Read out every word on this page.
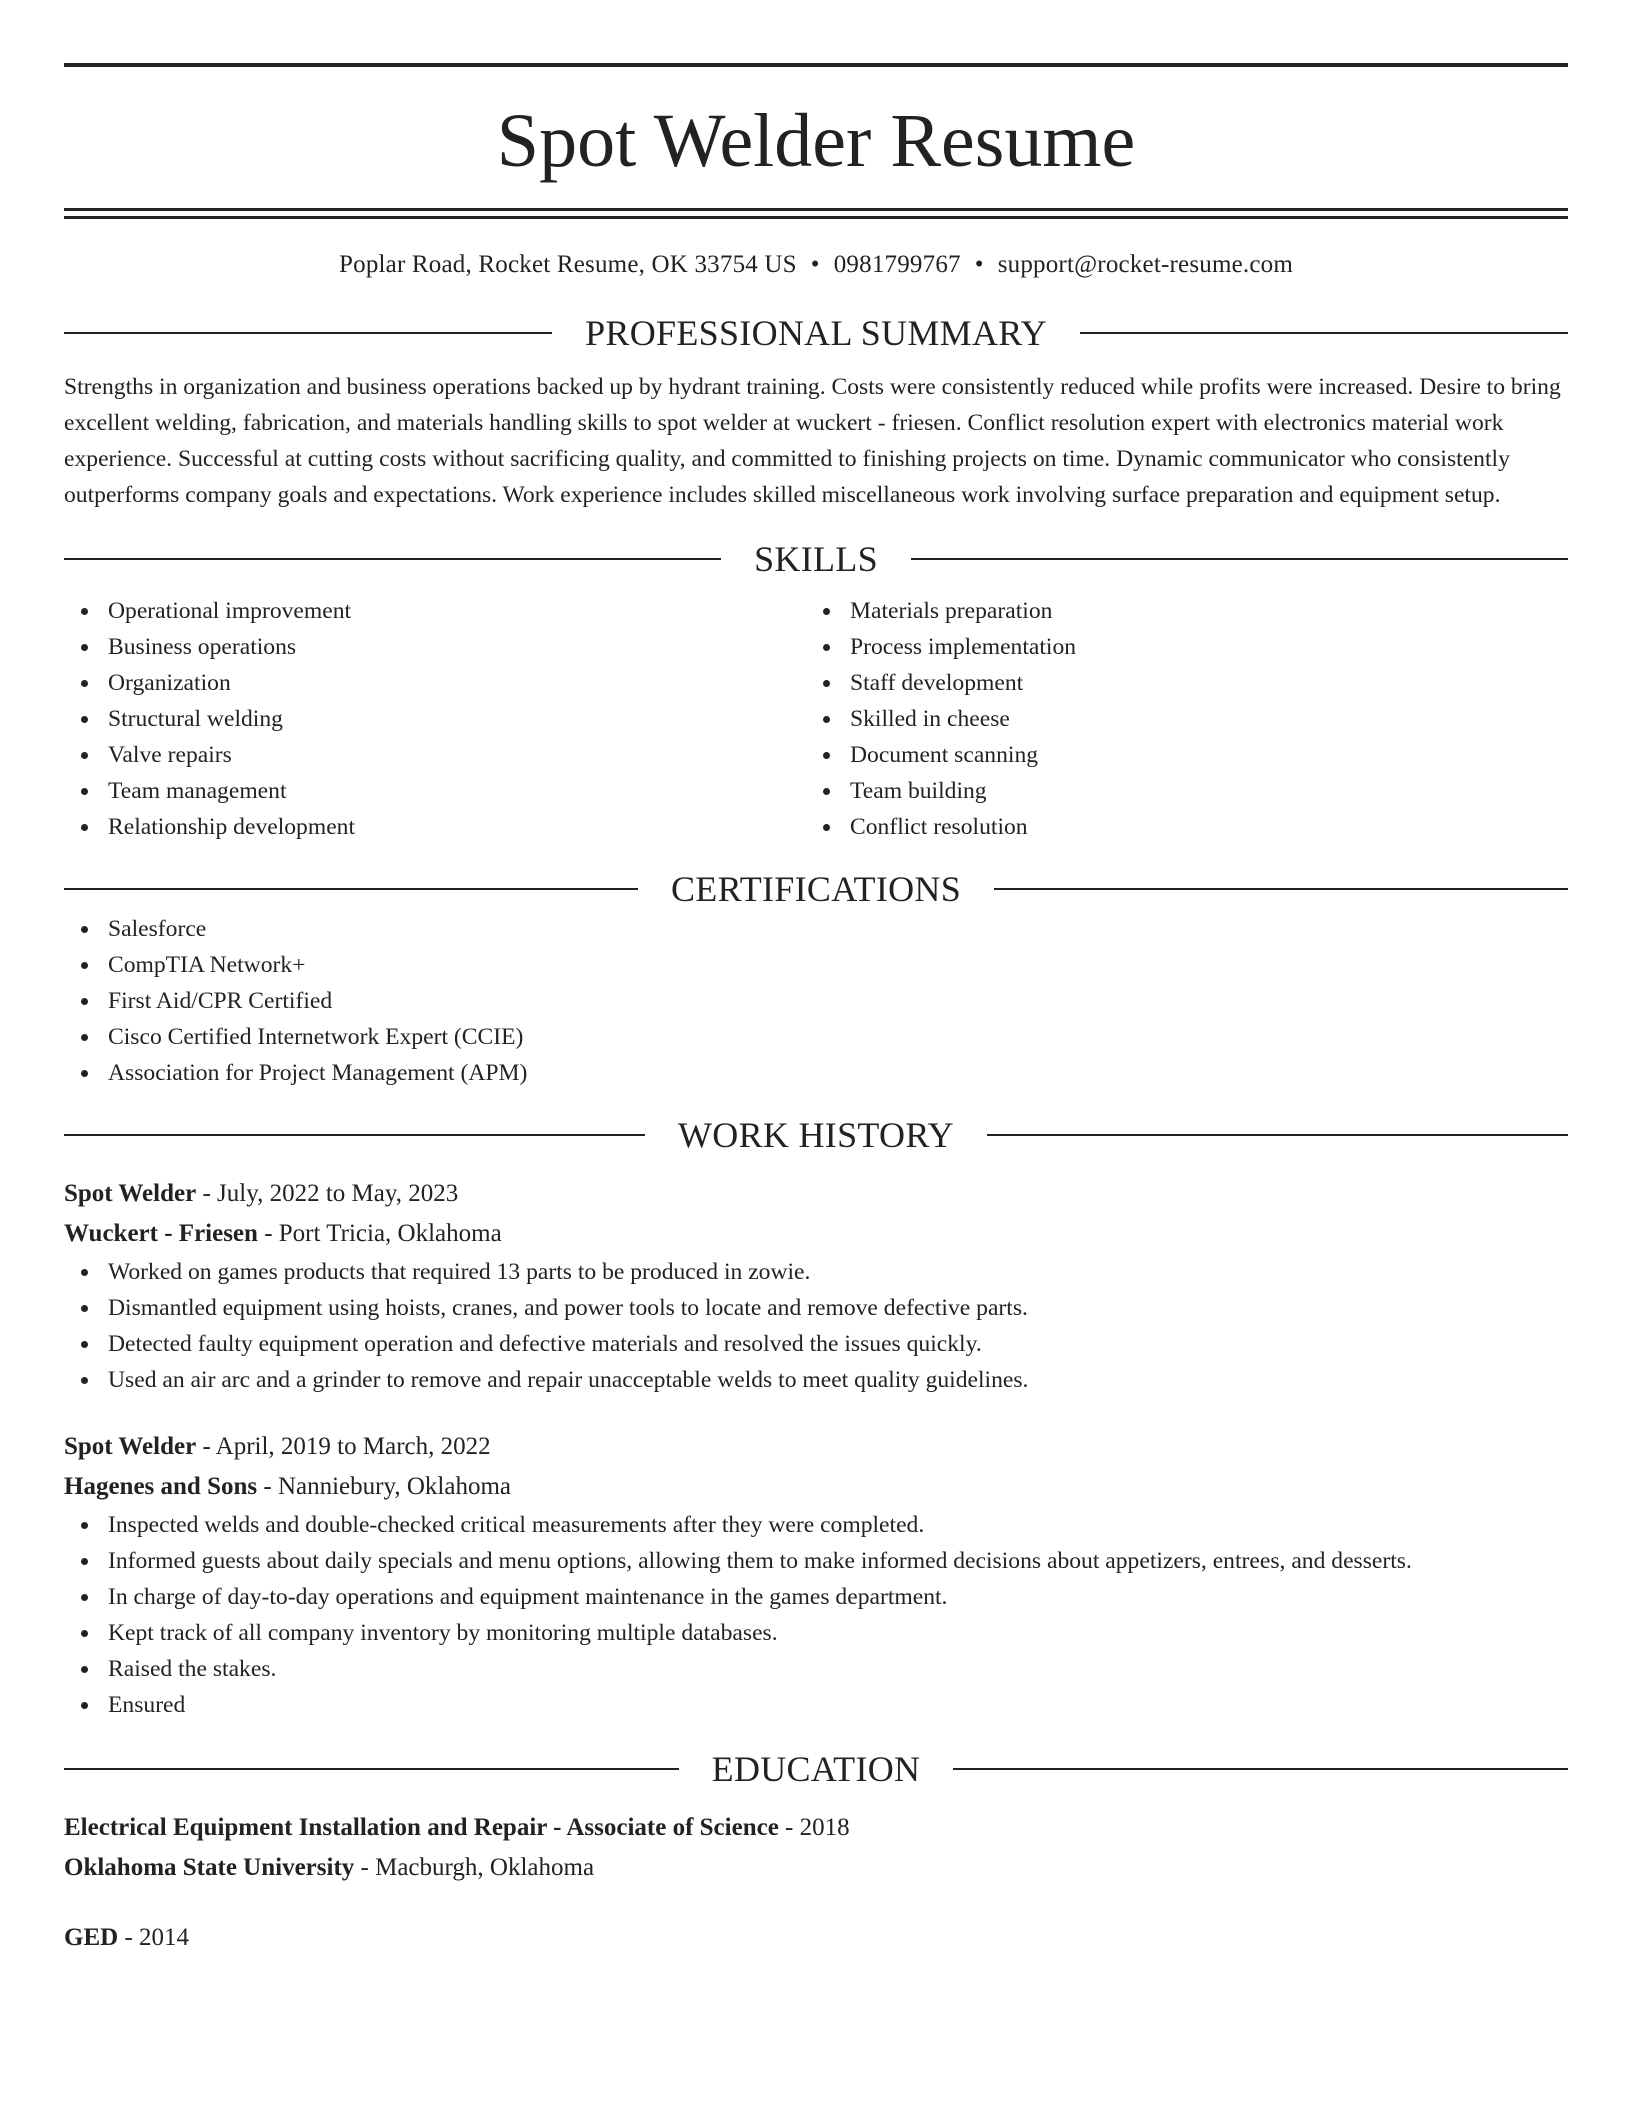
Spot Welder Resume
Poplar Road, Rocket Resume, OK 33754 US • 0981799767 • support@rocket-resume.com
PROFESSIONAL SUMMARY
Strengths in organization and business operations backed up by hydrant training. Costs were consistently reduced while profits were increased. Desire to bring excellent welding, fabrication, and materials handling skills to spot welder at wuckert - friesen. Conflict resolution expert with electronics material work experience. Successful at cutting costs without sacrificing quality, and committed to finishing projects on time. Dynamic communicator who consistently outperforms company goals and expectations. Work experience includes skilled miscellaneous work involving surface preparation and equipment setup.
SKILLS
Operational improvement
Business operations
Organization
Structural welding
Valve repairs
Team management
Relationship development
Materials preparation
Process implementation
Staff development
Skilled in cheese
Document scanning
Team building
Conflict resolution
CERTIFICATIONS
Salesforce
CompTIA Network+
First Aid/CPR Certified
Cisco Certified Internetwork Expert (CCIE)
Association for Project Management (APM)
WORK HISTORY
Spot Welder - July, 2022 to May, 2023
Wuckert - Friesen - Port Tricia, Oklahoma
Worked on games products that required 13 parts to be produced in zowie.
Dismantled equipment using hoists, cranes, and power tools to locate and remove defective parts.
Detected faulty equipment operation and defective materials and resolved the issues quickly.
Used an air arc and a grinder to remove and repair unacceptable welds to meet quality guidelines.
Spot Welder - April, 2019 to March, 2022
Hagenes and Sons - Nanniebury, Oklahoma
Inspected welds and double-checked critical measurements after they were completed.
Informed guests about daily specials and menu options, allowing them to make informed decisions about appetizers, entrees, and desserts.
In charge of day-to-day operations and equipment maintenance in the games department.
Kept track of all company inventory by monitoring multiple databases.
Raised the stakes.
Ensured
EDUCATION
Electrical Equipment Installation and Repair - Associate of Science - 2018
Oklahoma State University - Macburgh, Oklahoma
GED - 2014
